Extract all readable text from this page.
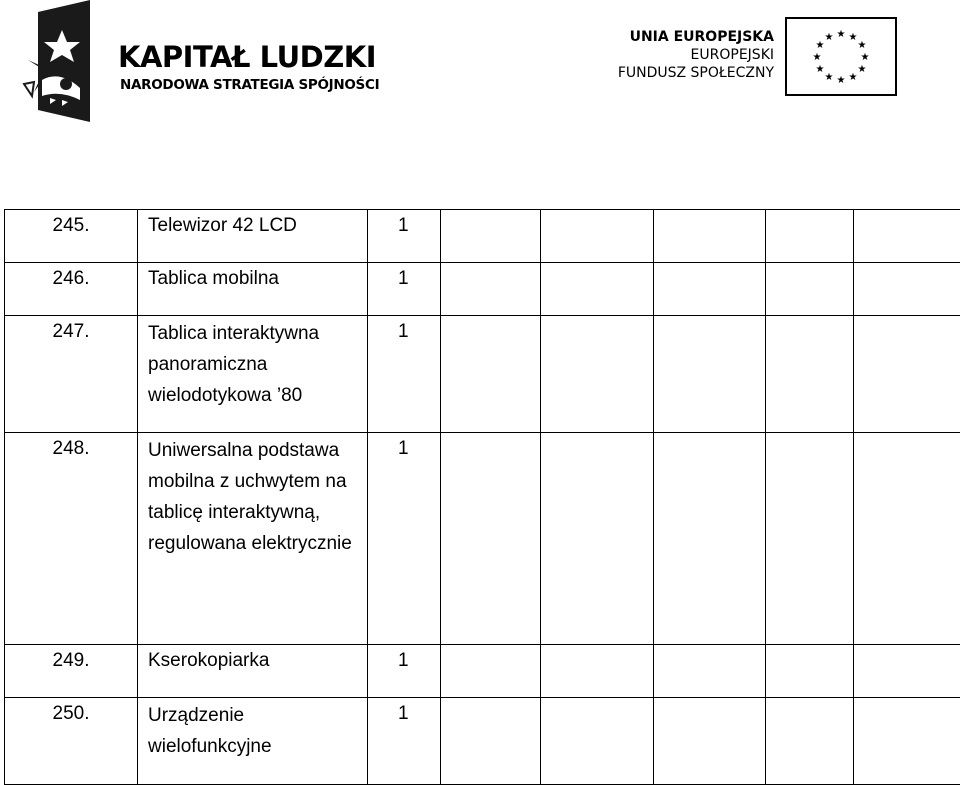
KAPITAŁ LUDZKI
NARODOWA STRATEGIA SPÓJNOŚCI
UNIA EUROPEJSKA
EUROPEJSKI
FUNDUSZ SPOŁECZNY
★ ★
★
★
★
★
★
★
★
★
★
★
245.	Telewizor 42 LCD	1					
246.	Tablica mobilna	1					
247.	Tablica interaktywna panoramiczna wielodotykowa ’80	1					
248.	Uniwersalna podstawa mobilna z uchwytem na tablicę interaktywną, regulowana elektrycznie	1					
249.	Kserokopiarka	1					
250.	Urządzenie wielofunkcyjne	1					
